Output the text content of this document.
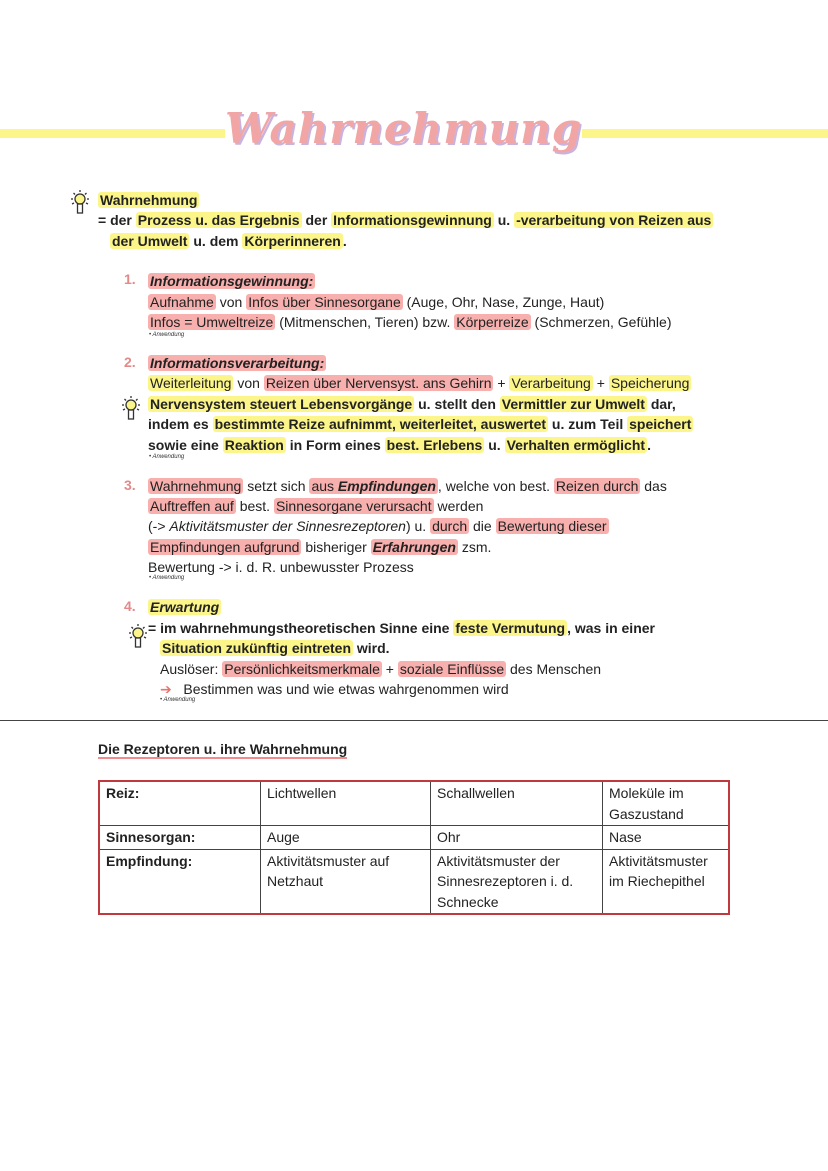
Wahrnehmung
Wahrnehmung
= der Prozess u. das Ergebnis der Informationsgewinnung u. -verarbeitung von Reizen aus
der Umwelt u. dem Körperinneren .
1. Informationsgewinnung:
Aufnahme von Infos über Sinnesorgane (Auge, Ohr, Nase, Zunge, Haut)
Infos = Umweltreize (Mitmenschen, Tieren) bzw. Körperreize (Schmerzen, Gefühle)
• Anwendung
2. Informationsverarbeitung:
Weiterleitung von Reizen über Nervensyst. ans Gehirn + Verarbeitung + Speicherung
Nervensystem steuert Lebensvorgänge u. stellt den Vermittler zur Umwelt dar,
indem es bestimmte Reize aufnimmt, weiterleitet, auswertet u. zum Teil speichert
sowie eine Reaktion in Form eines best. Erlebens u. Verhalten ermöglicht .
• Anwendung
3. Wahrnehmung setzt sich aus Empfindungen , welche von best. Reizen durch das
Auftreffen auf best. Sinnesorgane verursacht werden
(-> Aktivitätsmuster der Sinnesrezeptoren) u. durch die Bewertung dieser
Empfindungen aufgrund bisheriger Erfahrungen zsm.
Bewertung -> i. d. R. unbewusster Prozess
• Anwendung
4. Erwartung
= im wahrnehmungstheoretischen Sinne eine feste Vermutung , was in einer
Situation zukünftig eintreten wird.
Auslöser: Persönlichkeitsmerkmale + soziale Einflüsse des Menschen
➔ Bestimmen was und wie etwas wahrgenommen wird
• Anwendung
Die Rezeptoren u. ihre Wahrnehmung
Reiz:	Lichtwellen	Schallwellen	Moleküle im Gaszustand
Sinnesorgan:	Auge	Ohr	Nase
Empfindung:	Aktivitätsmuster auf Netzhaut	Aktivitätsmuster der Sinnesrezeptoren i. d. Schnecke	Aktivitätsmuster im Riechepithel
